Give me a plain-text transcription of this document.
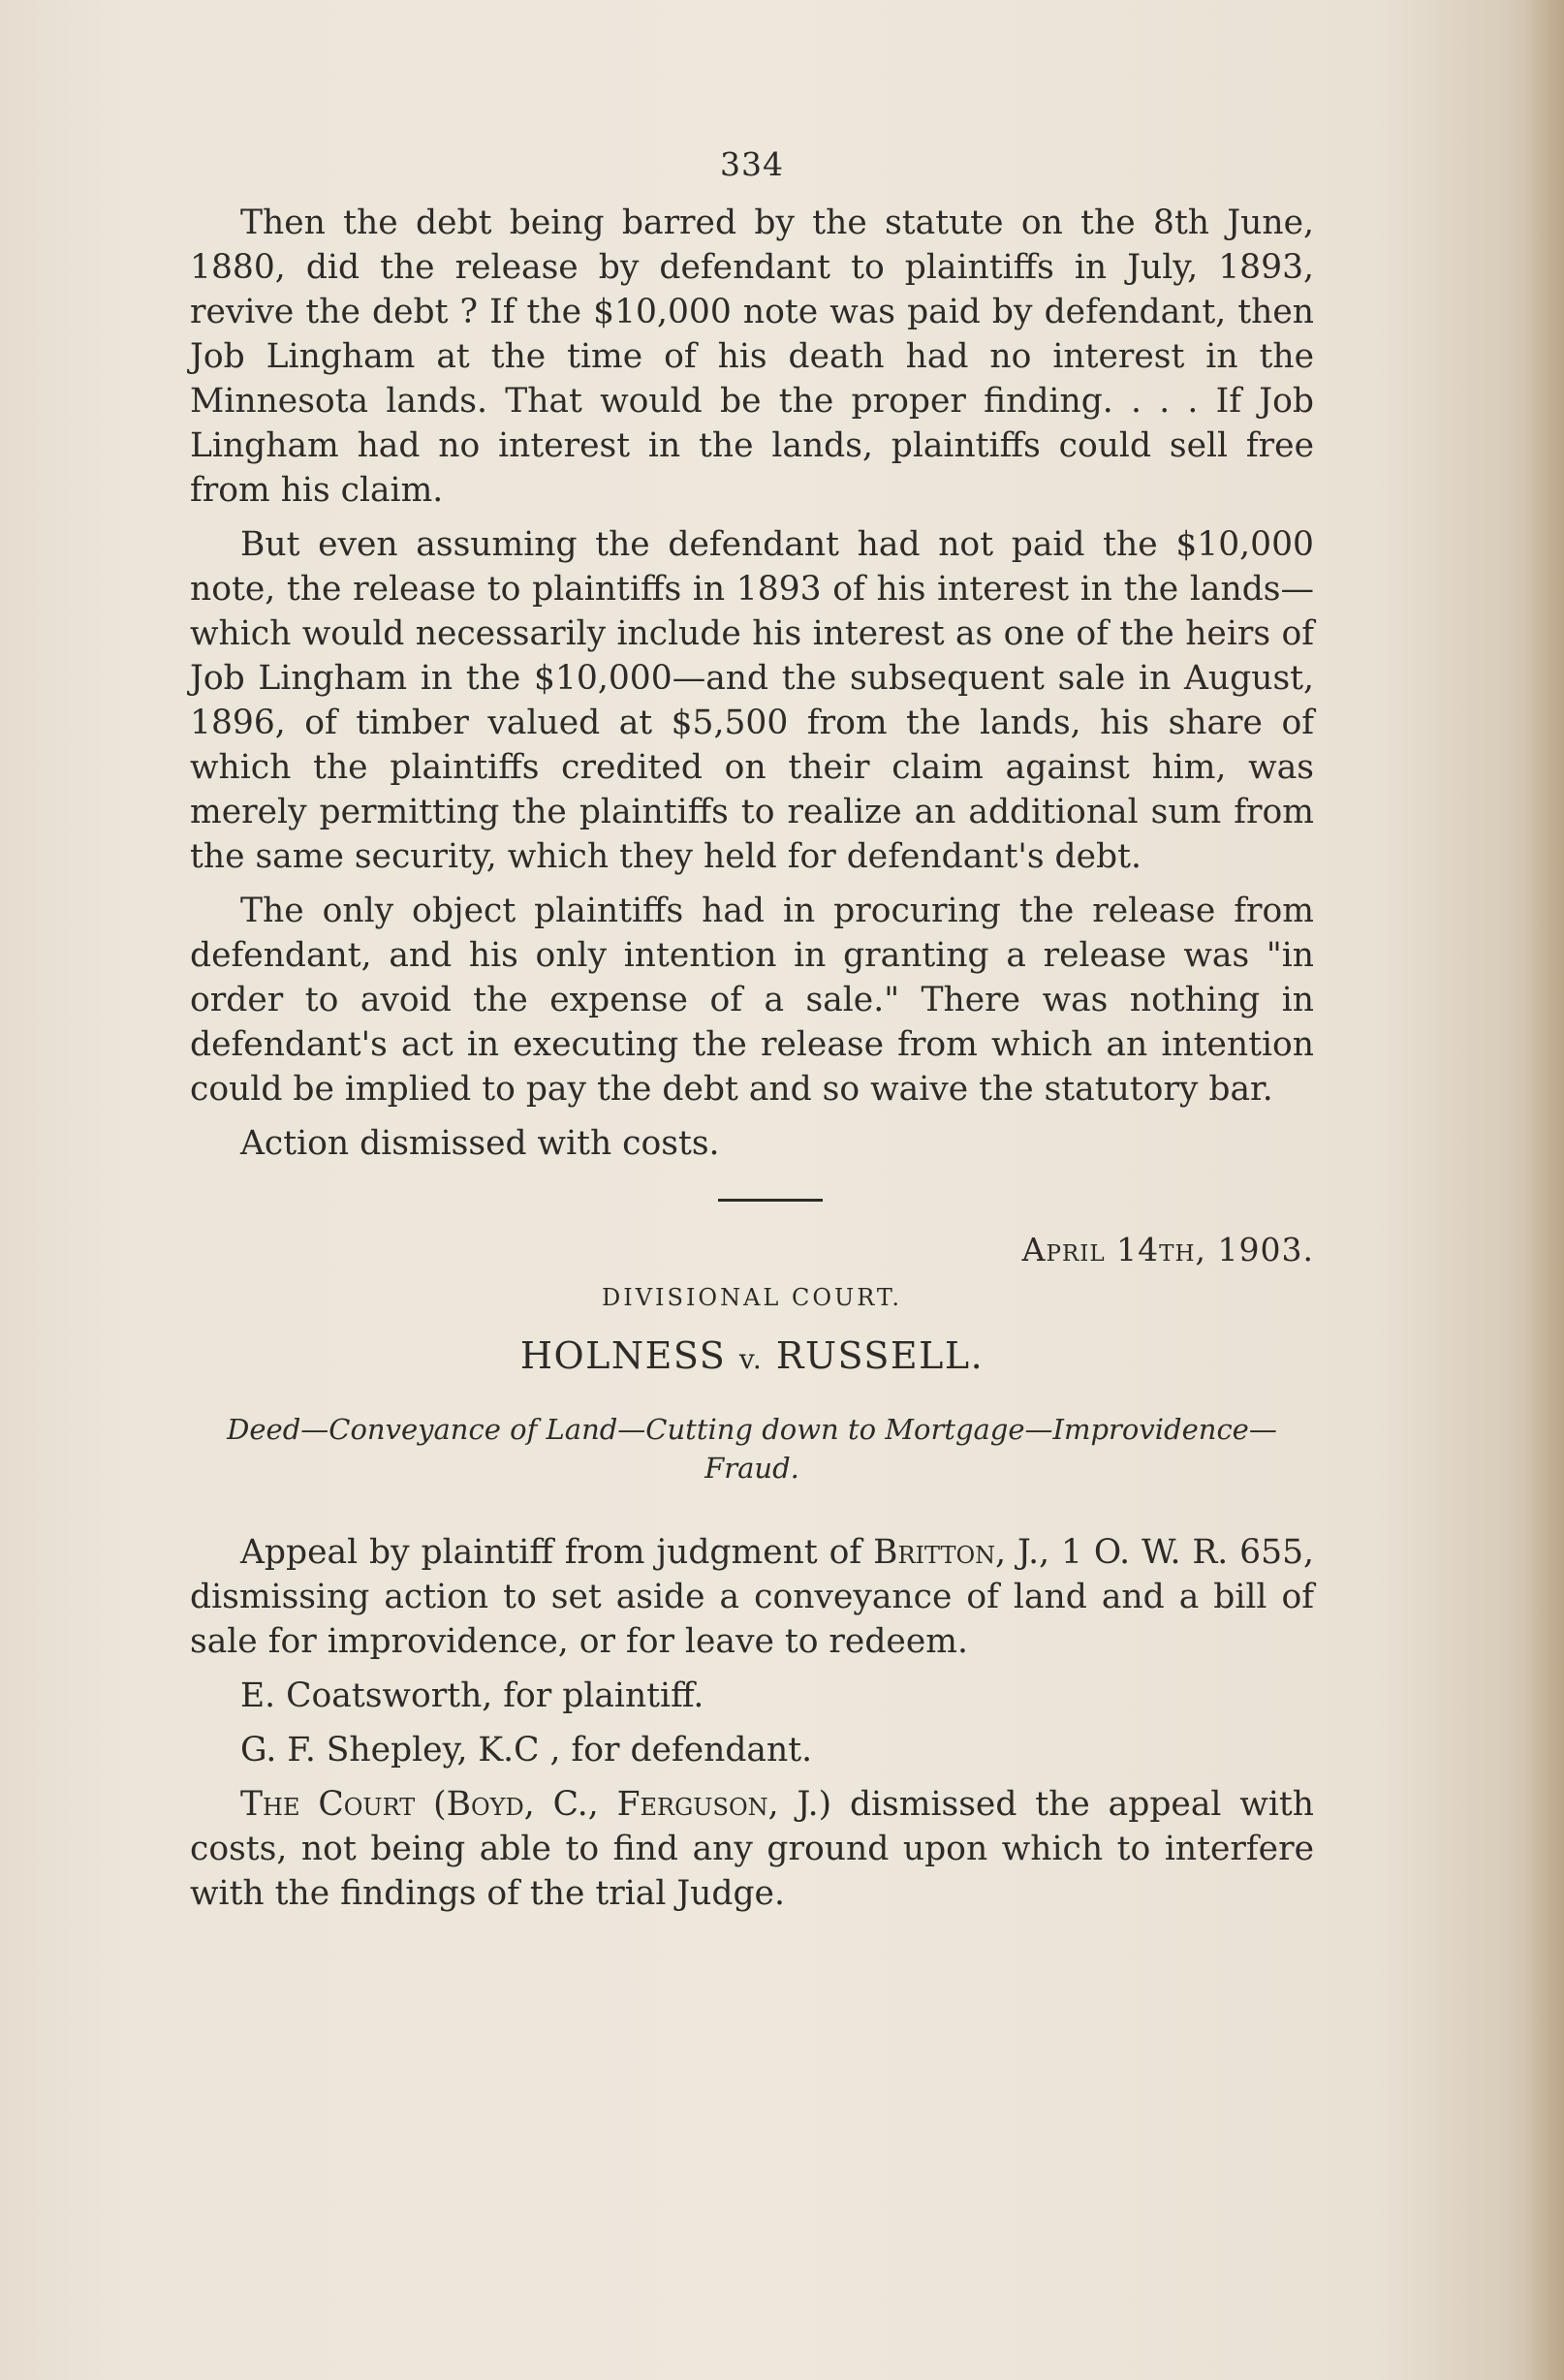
334

Then the debt being barred by the statute on the 8th June, 1880, did the release by defendant to plaintiffs in July, 1893, revive the debt ? If the $10,000 note was paid by defendant, then Job Lingham at the time of his death had no interest in the Minnesota lands. That would be the proper finding. . . . If Job Lingham had no interest in the lands, plaintiffs could sell free from his claim.

But even assuming the defendant had not paid the $10,000 note, the release to plaintiffs in 1893 of his interest in the lands—which would necessarily include his interest as one of the heirs of Job Lingham in the $10,000—and the subsequent sale in August, 1896, of timber valued at $5,500 from the lands, his share of which the plaintiffs credited on their claim against him, was merely permitting the plaintiffs to realize an additional sum from the same security, which they held for defendant's debt.

The only object plaintiffs had in procuring the release from defendant, and his only intention in granting a release was "in order to avoid the expense of a sale." There was nothing in defendant's act in executing the release from which an intention could be implied to pay the debt and so waive the statutory bar.

Action dismissed with costs.

April 14th, 1903.
DIVISIONAL COURT.
HOLNESS v. RUSSELL.
Deed—Conveyance of Land—Cutting down to Mortgage—Improvidence—Fraud.

Appeal by plaintiff from judgment of Britton, J., 1 O. W. R. 655, dismissing action to set aside a conveyance of land and a bill of sale for improvidence, or for leave to redeem.

E. Coatsworth, for plaintiff.

G. F. Shepley, K.C , for defendant.

The Court (Boyd, C., Ferguson, J.) dismissed the appeal with costs, not being able to find any ground upon which to interfere with the findings of the trial Judge.
